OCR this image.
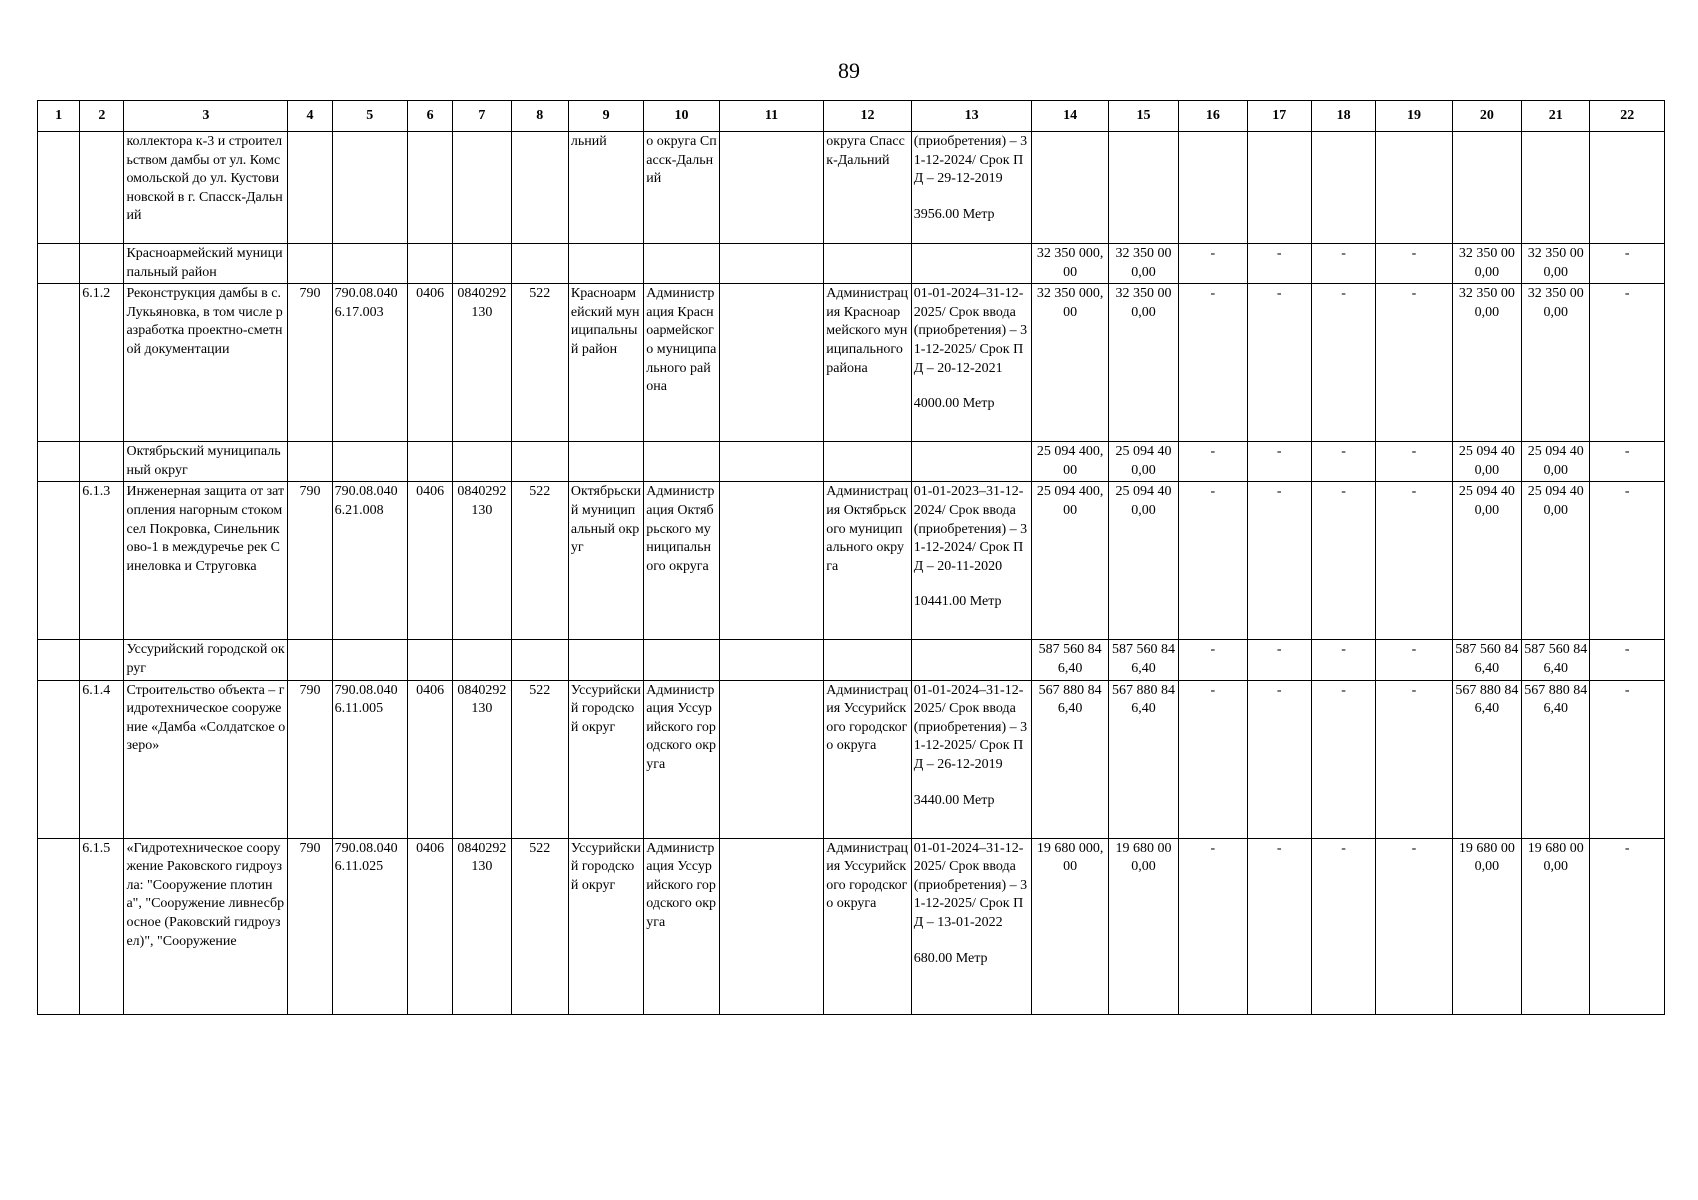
89
1	2	3	4	5	6	7	8	9	10	11	12	13	14	15	16	17	18	19	20	21	22
		коллектора к-3 и строительством дамбы от ул. Комсомольской до ул. Кустовиновской в г. Спасск-Дальний						льний	о округа Спасск-Дальний		округа Спасск-Дальний	(приобретения) – 31-12-2024/ Срок ПД – 29-12-2019
3956.00 Метр									
		Красноармейский муниципальный район											32 350 000,00	32 350 000,00	-	-	-	-	32 350 000,00	32 350 000,00	-
	6.1.2	Реконструкция дамбы в с. Лукьяновка, в том числе разработка проектно-сметной документации	790	790.08.0406.17.003	0406	0840292130	522	Красноармейский муниципальный район	Администрация Красноармейского муниципального района		Администрация Красноармейского муниципального района	01-01-2024–31-12-2025/ Срок ввода (приобретения) – 31-12-2025/ Срок ПД – 20-12-2021
4000.00 Метр	32 350 000,00	32 350 000,00	-	-	-	-	32 350 000,00	32 350 000,00	-
		Октябрьский муниципальный округ											25 094 400,00	25 094 400,00	-	-	-	-	25 094 400,00	25 094 400,00	-
	6.1.3	Инженерная защита от затопления нагорным стоком сел Покровка, Синельниково-1 в междуречье рек Синеловка и Струговка	790	790.08.0406.21.008	0406	0840292130	522	Октябрьский муниципальный округ	Администрация Октябрьского муниципального округа		Администрация Октябрьского муниципального округа	01-01-2023–31-12-2024/ Срок ввода (приобретения) – 31-12-2024/ Срок ПД – 20-11-2020
10441.00 Метр	25 094 400,00	25 094 400,00	-	-	-	-	25 094 400,00	25 094 400,00	-
		Уссурийский городской округ											587 560 846,40	587 560 846,40	-	-	-	-	587 560 846,40	587 560 846,40	-
	6.1.4	Строительство объекта – гидротехническое сооружение «Дамба «Солдатское озеро»	790	790.08.0406.11.005	0406	0840292130	522	Уссурийский городской округ	Администрация Уссурийского городского округа		Администрация Уссурийского городского округа	01-01-2024–31-12-2025/ Срок ввода (приобретения) – 31-12-2025/ Срок ПД – 26-12-2019
3440.00 Метр	567 880 846,40	567 880 846,40	-	-	-	-	567 880 846,40	567 880 846,40	-
	6.1.5	«Гидротехническое сооружение Раковского гидроузла: "Сооружение плотина", "Сооружение ливнесбросное (Раковский гидроузел)", "Сооружение	790	790.08.0406.11.025	0406	0840292130	522	Уссурийский городской округ	Администрация Уссурийского городского округа		Администрация Уссурийского городского округа	01-01-2024–31-12-2025/ Срок ввода (приобретения) – 31-12-2025/ Срок ПД – 13-01-2022
680.00 Метр	19 680 000,00	19 680 000,00	-	-	-	-	19 680 000,00	19 680 000,00	-
